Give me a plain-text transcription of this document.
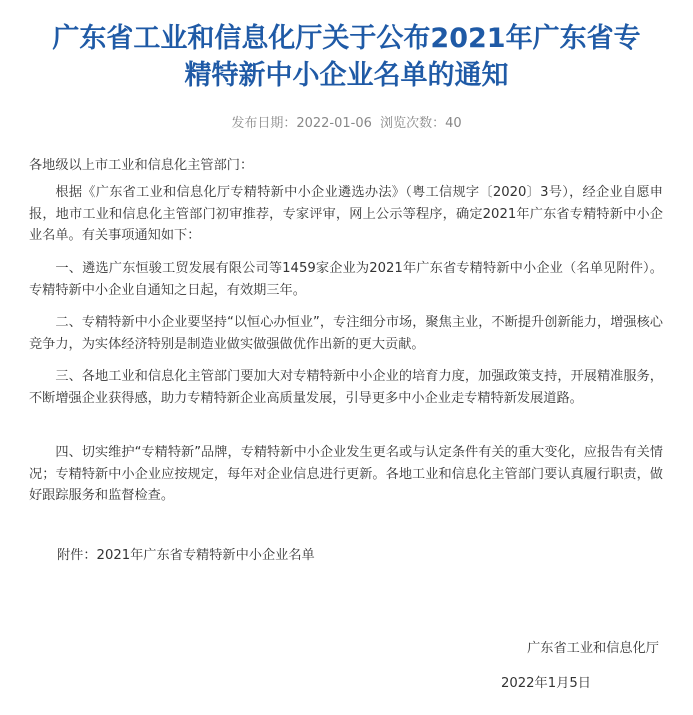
广东省工业和信息化厅关于公布2021年广东省专
精特新中小企业名单的通知
发布日期：2022-01-06 浏览次数：40
各地级以上市工业和信息化主管部门：

根据《广东省工业和信息化厅专精特新中小企业遴选办法》（粤工信规字〔2020〕3号），经企业自愿申报，地市工业和信息化主管部门初审推荐，专家评审，网上公示等程序，确定2021年广东省专精特新中小企业名单。有关事项通知如下：

一、遴选广东恒骏工贸发展有限公司等1459家企业为2021年广东省专精特新中小企业（名单见附件）。专精特新中小企业自通知之日起，有效期三年。

二、专精特新中小企业要坚持“以恒心办恒业”，专注细分市场，聚焦主业，不断提升创新能力，增强核心竞争力，为实体经济特别是制造业做实做强做优作出新的更大贡献。

三、各地工业和信息化主管部门要加大对专精特新中小企业的培育力度，加强政策支持，开展精准服务，不断增强企业获得感，助力专精特新企业高质量发展，引导更多中小企业走专精特新发展道路。

四、切实维护“专精特新”品牌，专精特新中小企业发生更名或与认定条件有关的重大变化，应报告有关情况；专精特新中小企业应按规定，每年对企业信息进行更新。各地工业和信息化主管部门要认真履行职责，做好跟踪服务和监督检查。

附件：2021年广东省专精特新中小企业名单
广东省工业和信息化厅
2022年1月5日
